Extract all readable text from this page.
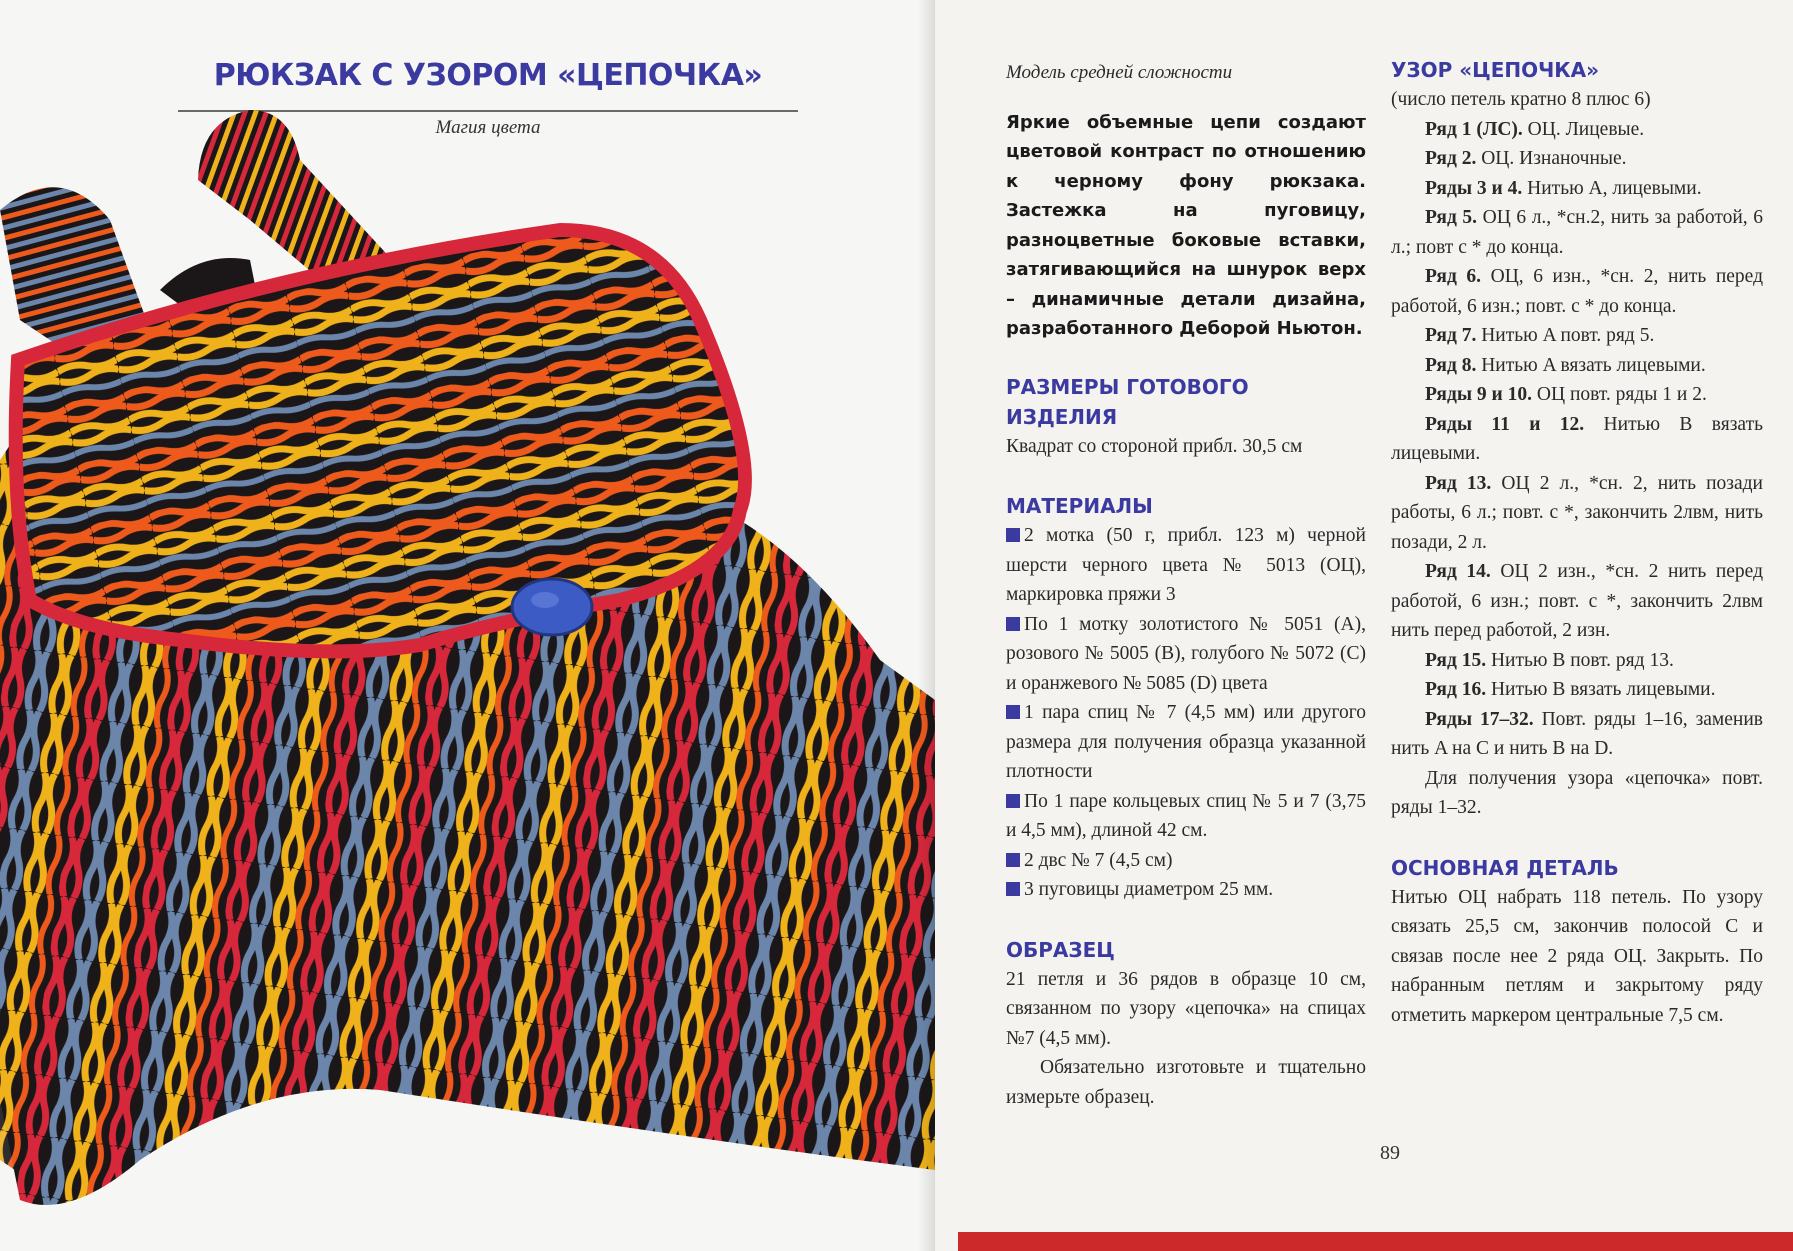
РЮКЗАК С УЗОРОМ «ЦЕПОЧКА»
Магия цвета
Модель средней сложности
Яркие объемные цепи создают цветовой контраст по отношению к черному фону рюкзака. Застежка на пуговицу, разноцветные боковые вставки, затягивающийся на шнурок верх – динамичные детали дизайна, разработанного Деборой Ньютон.
РАЗМЕРЫ ГОТОВОГО ИЗДЕЛИЯ

Квадрат со стороной прибл. 30,5 см

МАТЕРИАЛЫ

2 мотка (50 г, прибл. 123 м) черной шерсти черного цвета № 5013 (ОЦ), маркировка пряжи 3

По 1 мотку золотистого № 5051 (A), розового № 5005 (B), голубого № 5072 (C) и оранжевого № 5085 (D) цвета

1 пара спиц № 7 (4,5 мм) или другого размера для получения образца указанной плотности

По 1 паре кольцевых спиц № 5 и 7 (3,75 и 4,5 мм), длиной 42 см.

2 двс № 7 (4,5 см)

3 пуговицы диаметром 25 мм.

ОБРАЗЕЦ

21 петля и 36 рядов в образце 10 см, связанном по узору «цепочка» на спицах №7 (4,5 мм).

Обязательно изготовьте и тщательно измерьте образец.

УЗОР «ЦЕПОЧКА»

(число петель кратно 8 плюс 6)

Ряд 1 (ЛС). ОЦ. Лицевые.

Ряд 2. ОЦ. Изнаночные.

Ряды 3 и 4. Нитью A, лицевыми.

Ряд 5. ОЦ 6 л., *сн.2, нить за работой, 6 л.; повт с * до конца.

Ряд 6. ОЦ, 6 изн., *сн. 2, нить перед работой, 6 изн.; повт. с * до конца.

Ряд 7. Нитью A повт. ряд 5.

Ряд 8. Нитью A вязать лицевыми.

Ряды 9 и 10. ОЦ повт. ряды 1 и 2.

Ряды 11 и 12. Нитью B вязать лицевыми.

Ряд 13. ОЦ 2 л., *сн. 2, нить позади работы, 6 л.; повт. с *, закончить 2лвм, нить позади, 2 л.

Ряд 14. ОЦ 2 изн., *сн. 2 нить перед работой, 6 изн.; повт. с *, закончить 2лвм нить перед работой, 2 изн.

Ряд 15. Нитью B повт. ряд 13.

Ряд 16. Нитью B вязать лицевыми.

Ряды 17–32. Повт. ряды 1–16, заменив нить A на C и нить B на D.

Для получения узора «цепочка» повт. ряды 1–32.

ОСНОВНАЯ ДЕТАЛЬ

Нитью ОЦ набрать 118 петель. По узору связать 25,5 см, закончив полосой C и связав после нее 2 ряда ОЦ. Закрыть. По набранным петлям и закрытому ряду отметить маркером центральные 7,5 см.

89
